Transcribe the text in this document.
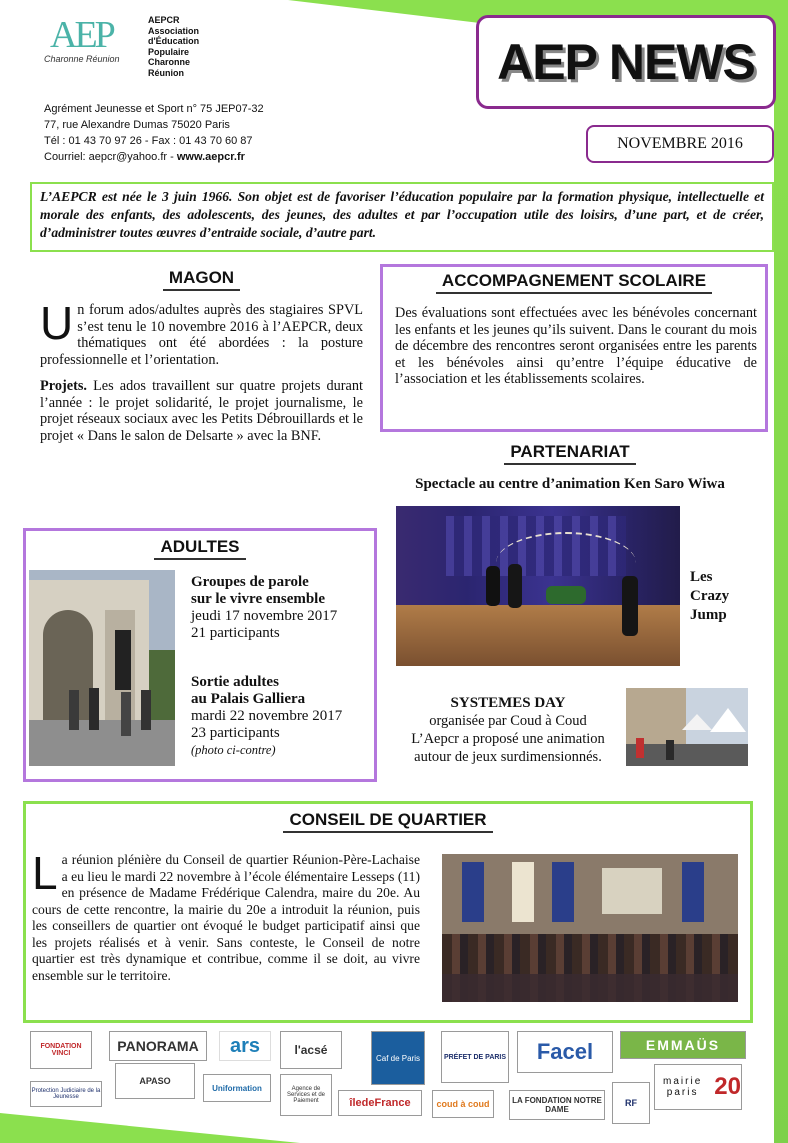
AEP
Charonne Réunion
AEPCR
Association
d'Éducation
Populaire
Charonne
Réunion
Agrément Jeunesse et Sport n° 75 JEP07-32
77, rue Alexandre Dumas 75020 Paris
Tél : 01 43 70 97 26 - Fax : 01 43 70 60 87
Courriel: aepcr@yahoo.fr - www.aepcr.fr
AEP NEWS
NOVEMBRE 2016
L’AEPCR est née le 3 juin 1966. Son objet est de favoriser l’éducation populaire par la formation physique, intellectuelle et morale des enfants, des adolescents, des jeunes, des adultes et par l’occupation utile des loisirs, d’une part, et de créer, d’administrer toutes œuvres d’entraide sociale, d’autre part.
MAGON
U n forum ados/adultes auprès des stagiaires SPVL s’est tenu le 10 novembre 2016 à l’AEPCR, deux thématiques ont été abordées : la posture professionnelle et l’orientation.
Projets. Les ados travaillent sur quatre projets durant l’année : le projet solidarité, le projet journalisme, le projet réseaux sociaux avec les Petits Débrouillards et le projet « Dans le salon de Delsarte » avec la BNF.
ACCOMPAGNEMENT SCOLAIRE
Des évaluations sont effectuées avec les bénévoles concernant les enfants et les jeunes qu’ils suivent. Dans le courant du mois de décembre des rencontres seront organisées entre les parents et les bénévoles ainsi qu’entre l’équipe éducative de l’association et les établissements scolaires.
PARTENARIAT
Spectacle au centre d’animation Ken Saro Wiwa
Les
Crazy
Jump
SYSTEMES DAY
organisée par Coud à Coud
L’Aepcr a proposé une animation
autour de jeux surdimensionnés.
ADULTES
Groupes de parole
sur le vivre ensemble
jeudi 17 novembre 2017
21 participants
Sortie adultes
au Palais Galliera
mardi 22 novembre 2017
23 participants
(photo ci-contre)
CONSEIL DE QUARTIER
L a réunion plénière du Conseil de quartier Réunion-Père-Lachaise a eu lieu le mardi 22 novembre à l’école élémentaire Lesseps (11) en présence de Madame Frédérique Calendra, maire du 20e. Au cours de cette rencontre, la mairie du 20e a introduit la réunion, puis les conseillers de quartier ont évoqué le budget participatif ainsi que les projets réalisés et à venir. Sans conteste, le Conseil de notre quartier est très dynamique et contribue, comme il se doit, au vivre ensemble sur le territoire.
FONDATION VINCI	PANORAMA ars	l'acsé
Caf de Paris	PRÉFET DE PARIS Facel	EMMAÜS
mairie paris 20
Protection Judiciaire de la Jeunesse
APASO
Uniformation	Agence de Services et de Paiement	îledeFrance	coud à coud	LA FONDATION NOTRE DAME
RF
